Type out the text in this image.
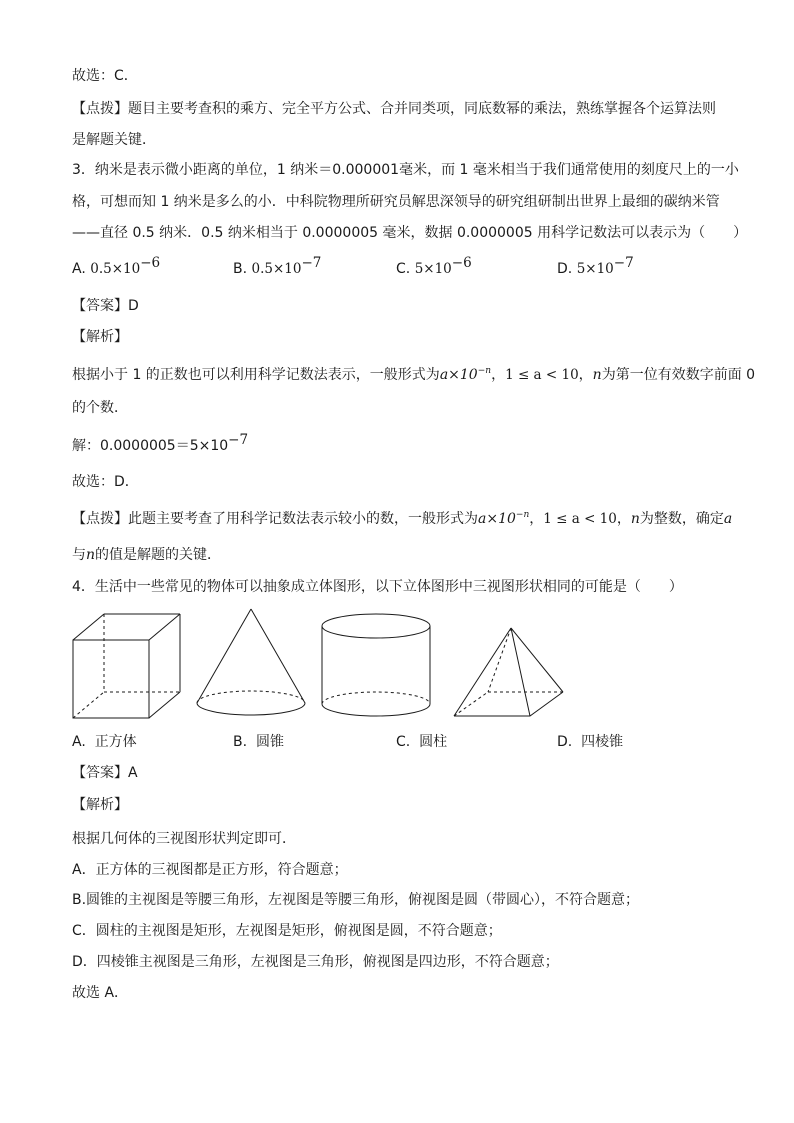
故选：C．
【点拨】题目主要考查积的乘方、完全平方公式、合并同类项，同底数幂的乘法，熟练掌握各个运算法则
是解题关键．
3．纳米是表示微小距离的单位，1 纳米＝0.000001毫米，而 1 毫米相当于我们通常使用的刻度尺上的一小
格，可想而知 1 纳米是多么的小．中科院物理所研究员解思深领导的研究组研制出世界上最细的碳纳米管
——直径 0.5 纳米．0.5 纳米相当于 0.0000005 毫米，数据 0.0000005 用科学记数法可以表示为（　　）
A. $0.5\times 10^{-6}$	B. $0.5\times 10^{-7}$	C. $5\times 10^{-6}$	D. $5\times 10^{-7}$
【答案】D
【解析】
根据小于 1 的正数也可以利用科学记数法表示，一般形式为$a\times 10^{-n}$，1 ≤ a < 10，n为第一位有效数字前面 0
的个数．
解：$0.0000005=5\times 10^{-7}$
故选：D．
【点拨】此题主要考查了用科学记数法表示较小的数，一般形式为$a\times 10^{-n}$，1 ≤ a < 10，n为整数，确定a
与n的值是解题的关键．
4．生活中一些常见的物体可以抽象成立体图形，以下立体图形中三视图形状相同的可能是（　　）
A. 正方体	B. 圆锥	C. 圆柱	D. 四棱锥
【答案】A
【解析】
根据几何体的三视图形状判定即可．
A．正方体的三视图都是正方形，符合题意；
B.圆锥的主视图是等腰三角形，左视图是等腰三角形，俯视图是圆（带圆心），不符合题意；
C．圆柱的主视图是矩形，左视图是矩形，俯视图是圆，不符合题意；
D．四棱锥主视图是三角形，左视图是三角形，俯视图是四边形，不符合题意；
故选 A．
